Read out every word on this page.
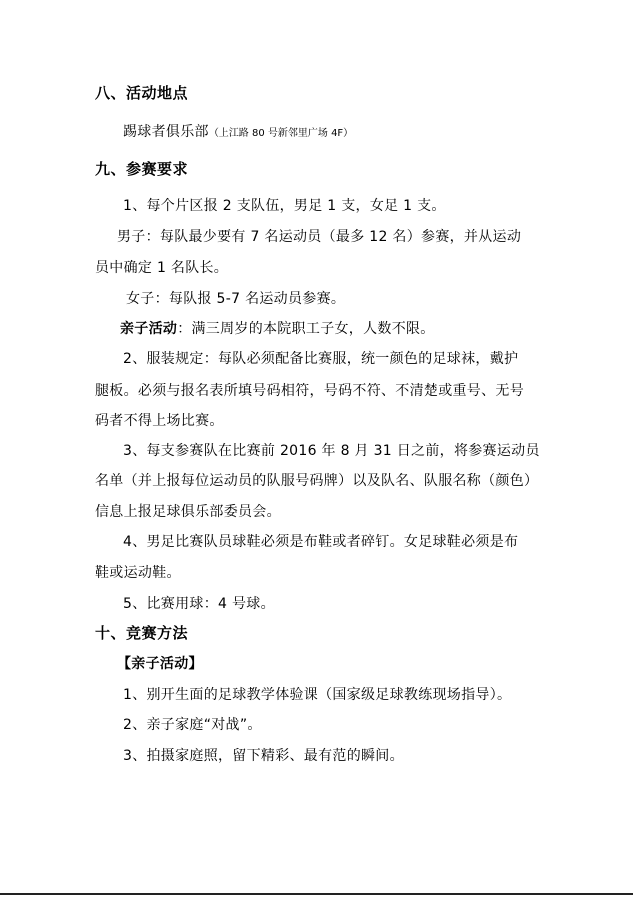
八、活动地点
踢球者俱乐部（上江路 80 号新邻里广场 4F）
九、参赛要求
1、每个片区报 2 支队伍，男足 1 支，女足 1 支。
男子：每队最少要有 7 名运动员（最多 12 名）参赛，并从运动
员中确定 1 名队长。
女子：每队报 5-7 名运动员参赛。
亲子活动：满三周岁的本院职工子女，人数不限。
2、服装规定：每队必须配备比赛服，统一颜色的足球袜，戴护
腿板。必须与报名表所填号码相符，号码不符、不清楚或重号、无号
码者不得上场比赛。
3、每支参赛队在比赛前 2016 年 8 月 31 日之前，将参赛运动员
名单（并上报每位运动员的队服号码牌）以及队名、队服名称（颜色）
信息上报足球俱乐部委员会。
4、男足比赛队员球鞋必须是布鞋或者碎钉。女足球鞋必须是布
鞋或运动鞋。
5、比赛用球：4 号球。
十、竞赛方法
【亲子活动】
1、别开生面的足球教学体验课（国家级足球教练现场指导）。
2、亲子家庭“对战”。
3、拍摄家庭照，留下精彩、最有范的瞬间。
